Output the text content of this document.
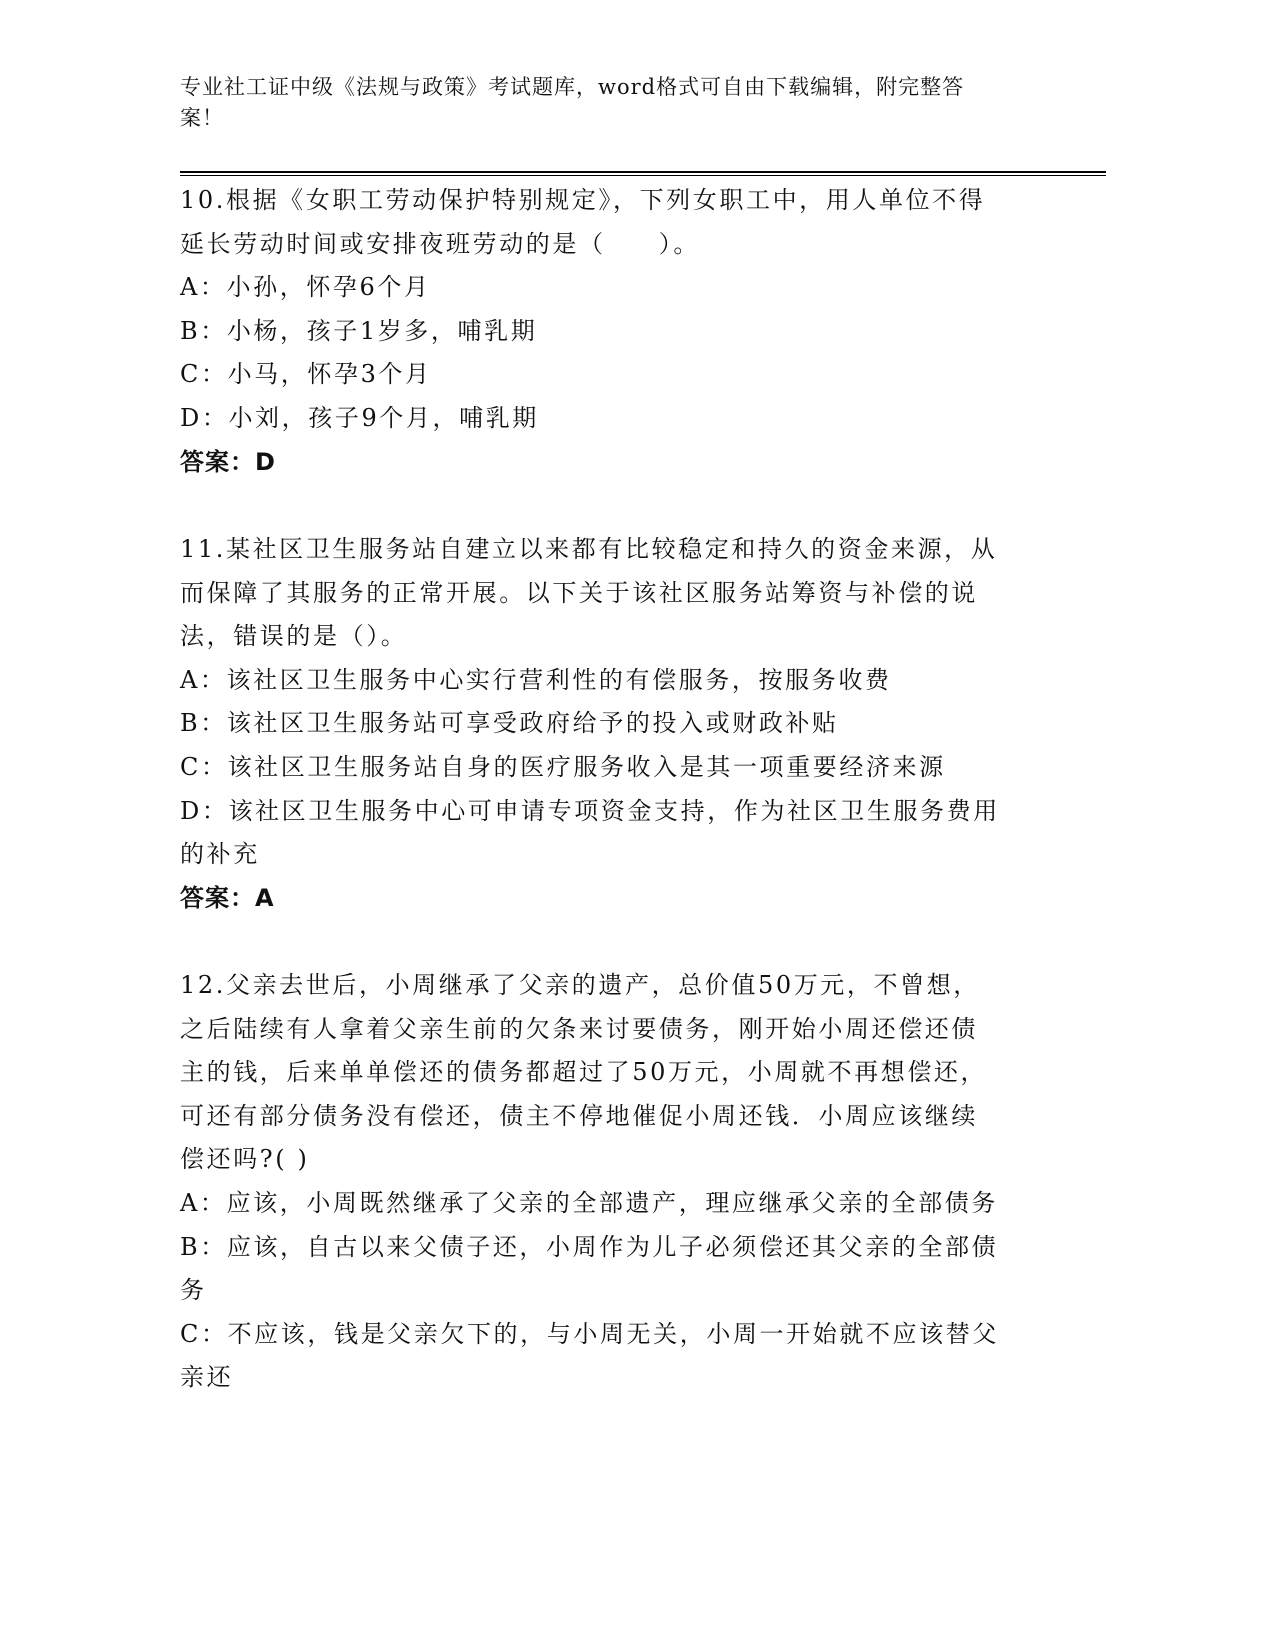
专业社工证中级《法规与政策》考试题库，word格式可自由下载编辑，附完整答
案！
10.根据《女职工劳动保护特别规定》，下列女职工中，用人单位不得
延长劳动时间或安排夜班劳动的是（　　）。
A：小孙，怀孕6个月
B：小杨，孩子1岁多，哺乳期
C：小马，怀孕3个月
D：小刘，孩子9个月，哺乳期
答案：D
11.某社区卫生服务站自建立以来都有比较稳定和持久的资金来源，从
而保障了其服务的正常开展。以下关于该社区服务站筹资与补偿的说
法，错误的是（）。
A：该社区卫生服务中心实行营利性的有偿服务，按服务收费
B：该社区卫生服务站可享受政府给予的投入或财政补贴
C：该社区卫生服务站自身的医疗服务收入是其一项重要经济来源
D：该社区卫生服务中心可申请专项资金支持，作为社区卫生服务费用
的补充
答案：A
12.父亲去世后，小周继承了父亲的遗产，总价值50万元，不曾想，
之后陆续有人拿着父亲生前的欠条来讨要债务，刚开始小周还偿还债
主的钱，后来单单偿还的债务都超过了50万元，小周就不再想偿还，
可还有部分债务没有偿还，债主不停地催促小周还钱．小周应该继续
偿还吗?( )
A：应该，小周既然继承了父亲的全部遗产，理应继承父亲的全部债务
B：应该，自古以来父债子还，小周作为儿子必须偿还其父亲的全部债
务
C：不应该，钱是父亲欠下的，与小周无关，小周一开始就不应该替父
亲还
